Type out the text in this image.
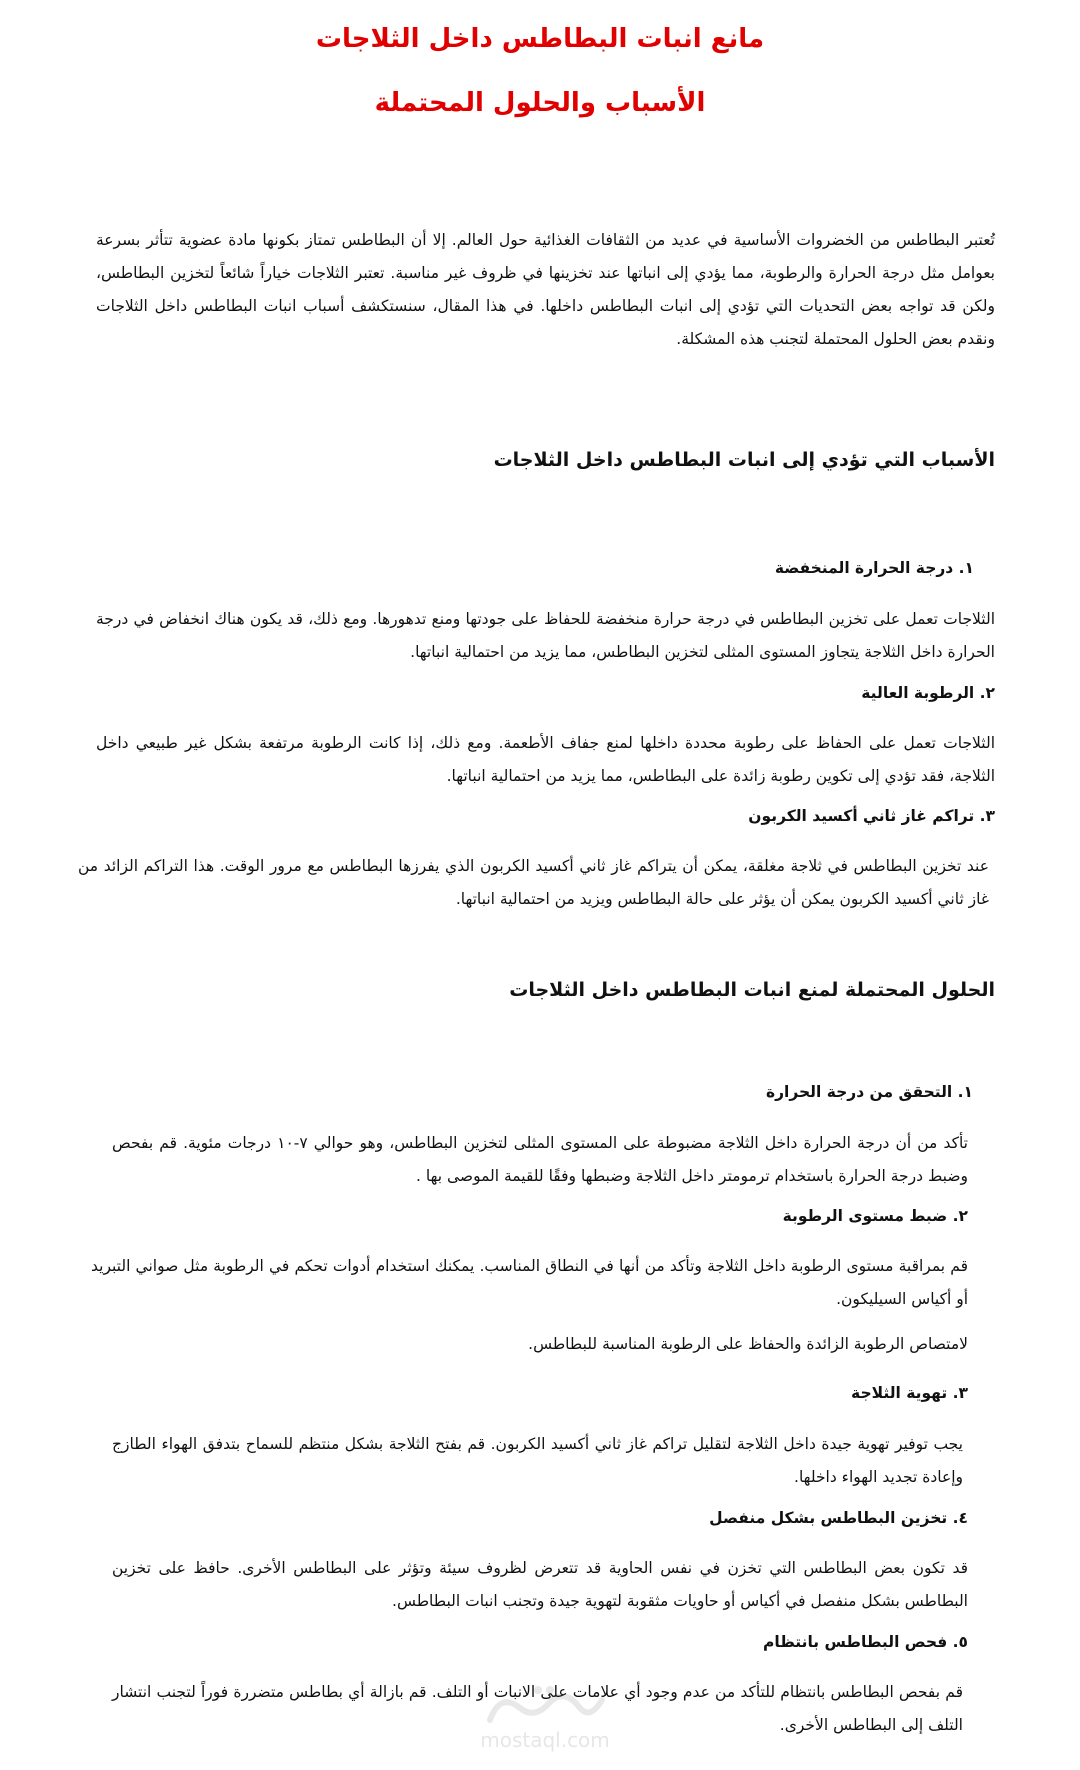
مانع انبات البطاطس داخل الثلاجات
الأسباب والحلول المحتملة

تُعتبر البطاطس من الخضروات الأساسية في عديد من الثقافات الغذائية حول العالم. إلا أن البطاطس تمتاز بكونها مادة عضوية تتأثر بسرعة بعوامل مثل درجة الحرارة والرطوبة، مما يؤدي إلى انباتها عند تخزينها في ظروف غير مناسبة. تعتبر الثلاجات خياراً شائعاً لتخزين البطاطس، ولكن قد تواجه بعض التحديات التي تؤدي إلى انبات البطاطس داخلها. في هذا المقال، سنستكشف أسباب انبات البطاطس داخل الثلاجات ونقدم بعض الحلول المحتملة لتجنب هذه المشكلة.

الأسباب التي تؤدي إلى انبات البطاطس داخل الثلاجات
١. درجة الحرارة المنخفضة

الثلاجات تعمل على تخزين البطاطس في درجة حرارة منخفضة للحفاظ على جودتها ومنع تدهورها. ومع ذلك، قد يكون هناك انخفاض في درجة الحرارة داخل الثلاجة يتجاوز المستوى المثلى لتخزين البطاطس، مما يزيد من احتمالية انباتها.

٢. الرطوبة العالية

الثلاجات تعمل على الحفاظ على رطوبة محددة داخلها لمنع جفاف الأطعمة. ومع ذلك، إذا كانت الرطوبة مرتفعة بشكل غير طبيعي داخل الثلاجة، فقد تؤدي إلى تكوين رطوبة زائدة على البطاطس، مما يزيد من احتمالية انباتها.

٣. تراكم غاز ثاني أكسيد الكربون

عند تخزين البطاطس في ثلاجة مغلقة، يمكن أن يتراكم غاز ثاني أكسيد الكربون الذي يفرزها البطاطس مع مرور الوقت. هذا التراكم الزائد من غاز ثاني أكسيد الكربون يمكن أن يؤثر على حالة البطاطس ويزيد من احتمالية انباتها.

الحلول المحتملة لمنع انبات البطاطس داخل الثلاجات
١. التحقق من درجة الحرارة

تأكد من أن درجة الحرارة داخل الثلاجة مضبوطة على المستوى المثلى لتخزين البطاطس، وهو حوالي ٧-١٠ درجات مئوية. قم بفحص وضبط درجة الحرارة باستخدام ترمومتر داخل الثلاجة وضبطها وفقًا للقيمة الموصى بها .

٢. ضبط مستوى الرطوبة

قم بمراقبة مستوى الرطوبة داخل الثلاجة وتأكد من أنها في النطاق المناسب. يمكنك استخدام أدوات تحكم في الرطوبة مثل صواني التبريد أو أكياس السيليكون.

لامتصاص الرطوبة الزائدة والحفاظ على الرطوبة المناسبة للبطاطس.

٣. تهوية الثلاجة

يجب توفير تهوية جيدة داخل الثلاجة لتقليل تراكم غاز ثاني أكسيد الكربون. قم بفتح الثلاجة بشكل منتظم للسماح بتدفق الهواء الطازج وإعادة تجديد الهواء داخلها.

٤. تخزين البطاطس بشكل منفصل

قد تكون بعض البطاطس التي تخزن في نفس الحاوية قد تتعرض لظروف سيئة وتؤثر على البطاطس الأخرى. حافظ على تخزين البطاطس بشكل منفصل في أكياس أو حاويات مثقوبة لتهوية جيدة وتجنب انبات البطاطس.

٥. فحص البطاطس بانتظام

قم بفحص البطاطس بانتظام للتأكد من عدم وجود أي علامات على الانبات أو التلف. قم بازالة أي بطاطس متضررة فوراً لتجنب انتشار التلف إلى البطاطس الأخرى.

mostaql.com
